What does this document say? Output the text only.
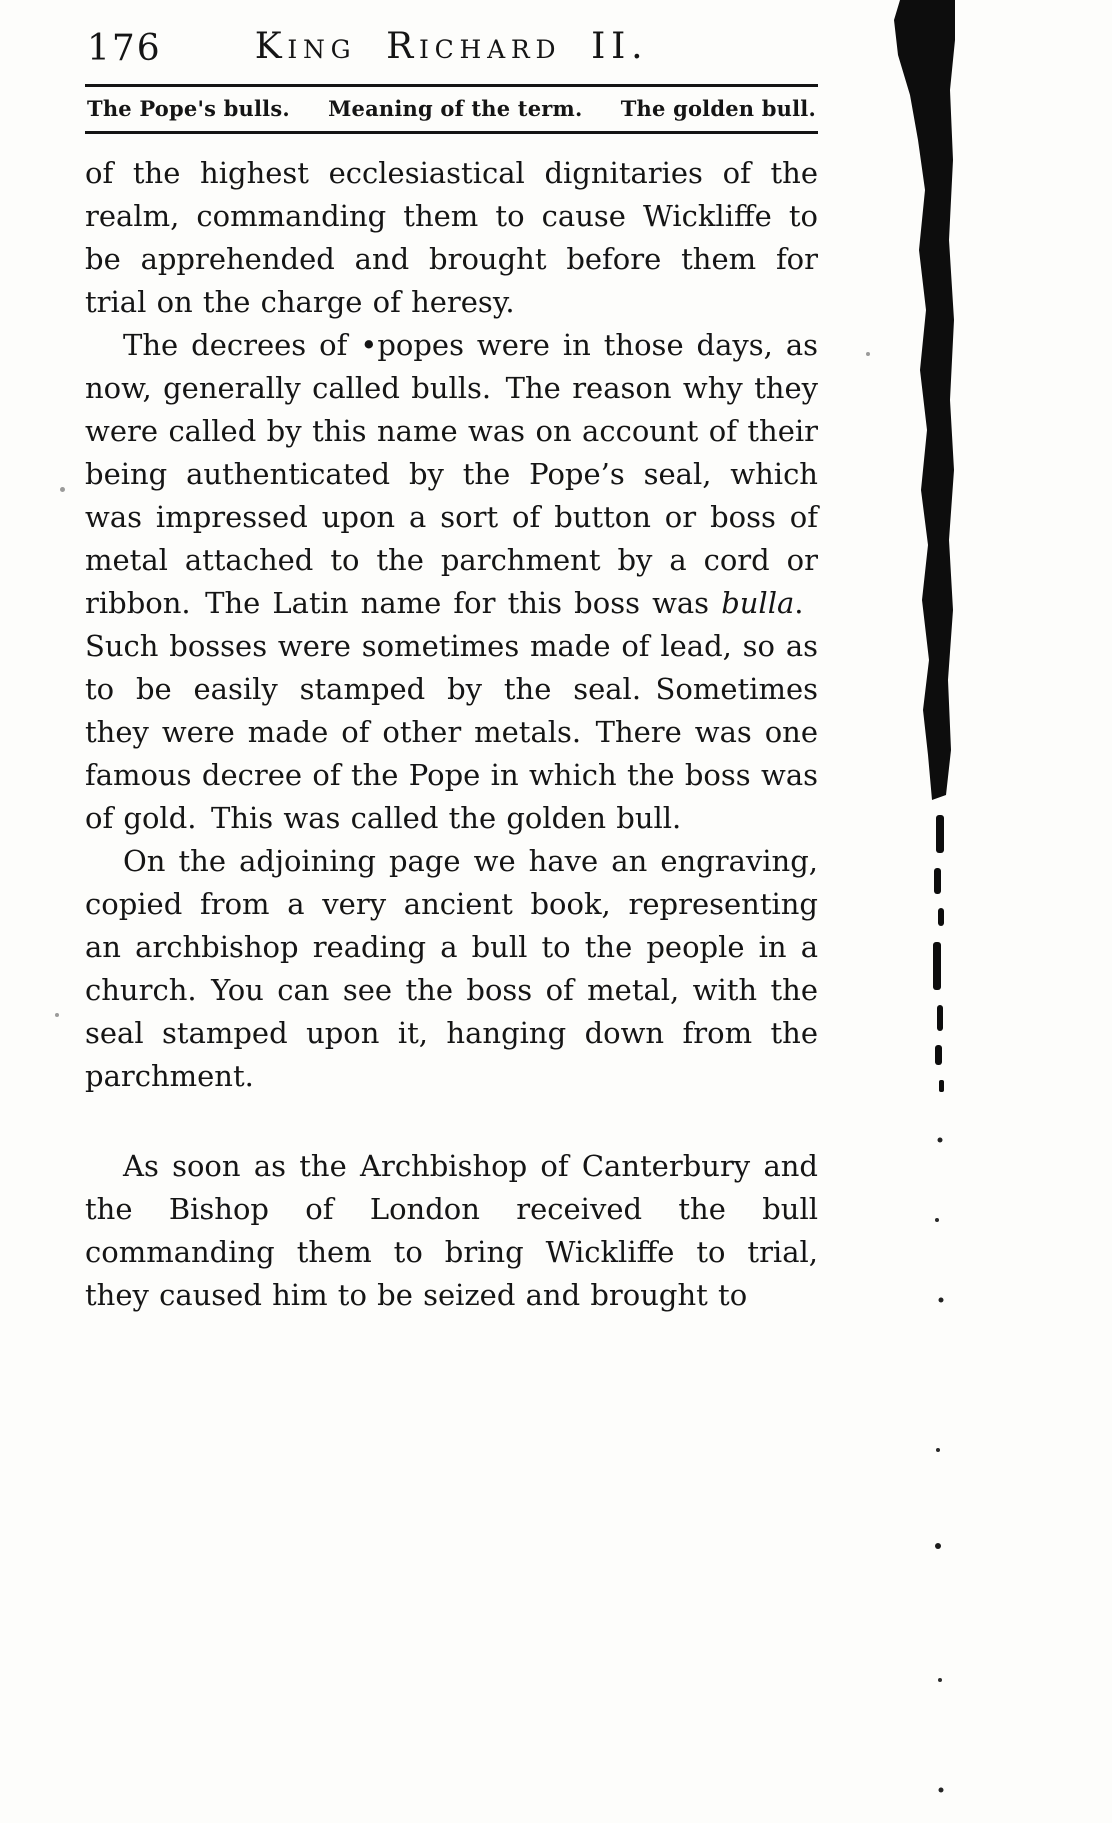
176	King Richard II.
The Pope's bulls. Meaning of the term. The golden bull.

of the highest ecclesiastical dignitaries of the realm, commanding them to cause Wickliffe to be apprehended and brought before them for trial on the charge of heresy.

The decrees of •popes were in those days, as now, generally called bulls. The reason why they were called by this name was on account of their being authenticated by the Pope’s seal, which was impressed upon a sort of button or boss of metal attached to the parchment by a cord or ribbon. The Latin name for this boss was bulla. Such bosses were sometimes made of lead, so as to be easily stamped by the seal. Sometimes they were made of other metals. There was one famous decree of the Pope in which the boss was of gold. This was called the golden bull.

On the adjoining page we have an engraving, copied from a very ancient book, representing an archbishop reading a bull to the people in a church. You can see the boss of metal, with the seal stamped upon it, hanging down from the parchment.

As soon as the Archbishop of Canterbury and the Bishop of London received the bull commanding them to bring Wickliffe to trial, they caused him to be seized and brought to
